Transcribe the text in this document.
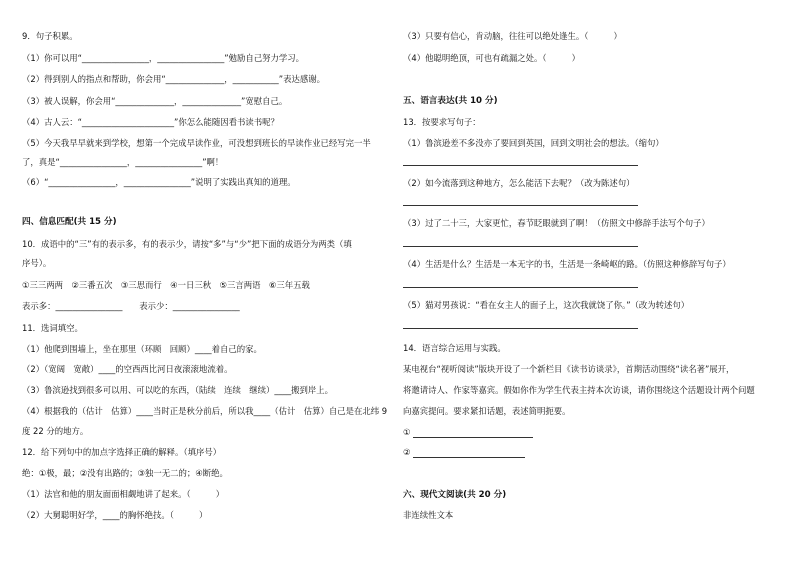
9．句子积累。
（1）你可以用“________________，________________”勉励自己努力学习。
（2）得到别人的指点和帮助，你会用“______________，___________”表达感谢。
（3）被人误解，你会用“______________，______________”宽慰自己。
（4）古人云：“______________________”你怎么能随因看书读书呢？
（5）今天我早早就来到学校，想第一个完成早读作业，可没想到班长的早读作业已经写完一半
了，真是“________________，________________”啊！
（6）“________________，________________”说明了实践出真知的道理。
四、信息匹配(共 15 分)
10．成语中的“三”有的表示多，有的表示少，请按“多”与“少”把下面的成语分为两类（填
序号）。
①三三两两　②三番五次　③三思而行　④一日三秋　⑤三言两语　⑥三年五载
表示多：________________　　表示少：________________
11．选词填空。
（1）他爬到围墙上，坐在那里（环顾　回顾）____着自己的家。
（2）（宽阔　宽敞）____的空西西比河日夜滚滚地流着。
（3）鲁滨逊找到很多可以用、可以吃的东西，（陆续　连续　继续）____搬到岸上。
（4）根据我的（估计　估算）____当时正是秋分前后，所以我____（估计　估算）自己是在北纬 9
度 22 分的地方。
12．给下列句中的加点字选择正确的解释。（填序号）
绝：①极，最；②没有出路的；③独一无二的；④断绝。
（1）法官和他的朋友面面相觑地讲了起来。（　　　）
（2）大舅聪明好学，____的胸怀绝技。（　　　）
（3）只要有信心，肯动脑，往往可以绝处逢生。（　　　）
（4）他聪明绝顶，可也有疏漏之处。（　　　）
五、语言表达(共 10 分)
13．按要求写句子：
（1）鲁滨逊差不多没亦了要回到英国，回到文明社会的想法。（缩句）
（2）如今流落到这种地方，怎么能活下去呢？（改为陈述句）
（3）过了二十三，大家更忙，春节眨眼就到了啊！（仿照文中修辞手法写个句子）
（4）生活是什么？生活是一本无字的书，生活是一条崎岖的路。（仿照这种修辞写句子）
（5）猫对男孩说：“看在女主人的面子上，这次我就饶了你。”（改为转述句）
14．语言综合运用与实践。
某电视台“视听阅读”版块开设了一个新栏目《读书访谈录》，首期活动围绕“读名著”展开，
将邀请诗人、作家等嘉宾。假如你作为学生代表主持本次访谈，请你围绕这个活题设计两个问题
向嘉宾提问。要求紧扣话题，表述简明扼要。
①
②
六、现代文阅读(共 20 分)
非连续性文本
